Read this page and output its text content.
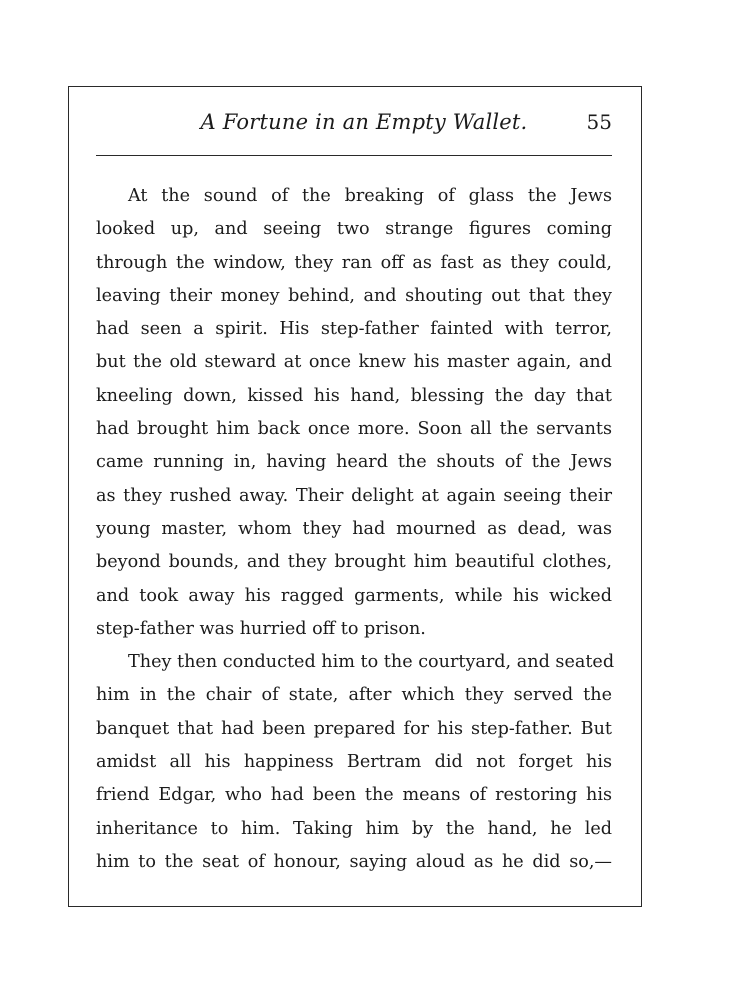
A Fortune in an Empty Wallet.	55
At the sound of the breaking of glass the Jews
looked up, and seeing two strange figures coming
through the window, they ran off as fast as they could,
leaving their money behind, and shouting out that they
had seen a spirit. His step-father fainted with terror,
but the old steward at once knew his master again, and
kneeling down, kissed his hand, blessing the day that
had brought him back once more. Soon all the servants
came running in, having heard the shouts of the Jews
as they rushed away. Their delight at again seeing their
young master, whom they had mourned as dead, was
beyond bounds, and they brought him beautiful clothes,
and took away his ragged garments, while his wicked
step-father was hurried off to prison.
They then conducted him to the courtyard, and seated
him in the chair of state, after which they served the
banquet that had been prepared for his step-father. But
amidst all his happiness Bertram did not forget his
friend Edgar, who had been the means of restoring his
inheritance to him. Taking him by the hand, he led
him to the seat of honour, saying aloud as he did so,—
